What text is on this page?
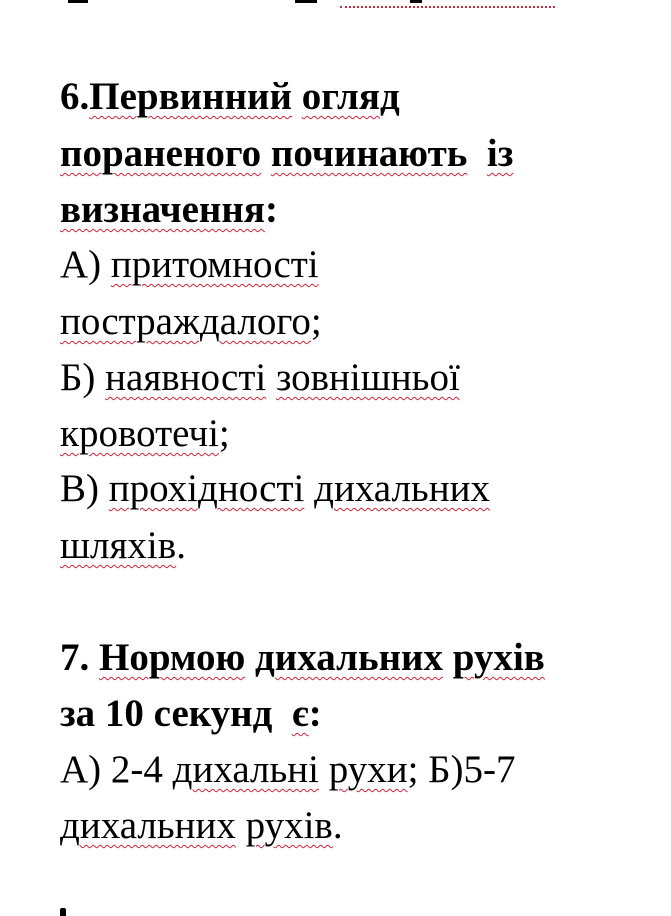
6.Первинний огляд
пораненого починають із
визначення:
А) притомності
постраждалого;
Б) наявності зовнішньої
кровотечі;
В) прохідності дихальних
шляхів.
7. Нормою дихальних рухів
за 10 секунд є:
А) 2-4 дихальні рухи; Б)5-7
дихальних рухів.
